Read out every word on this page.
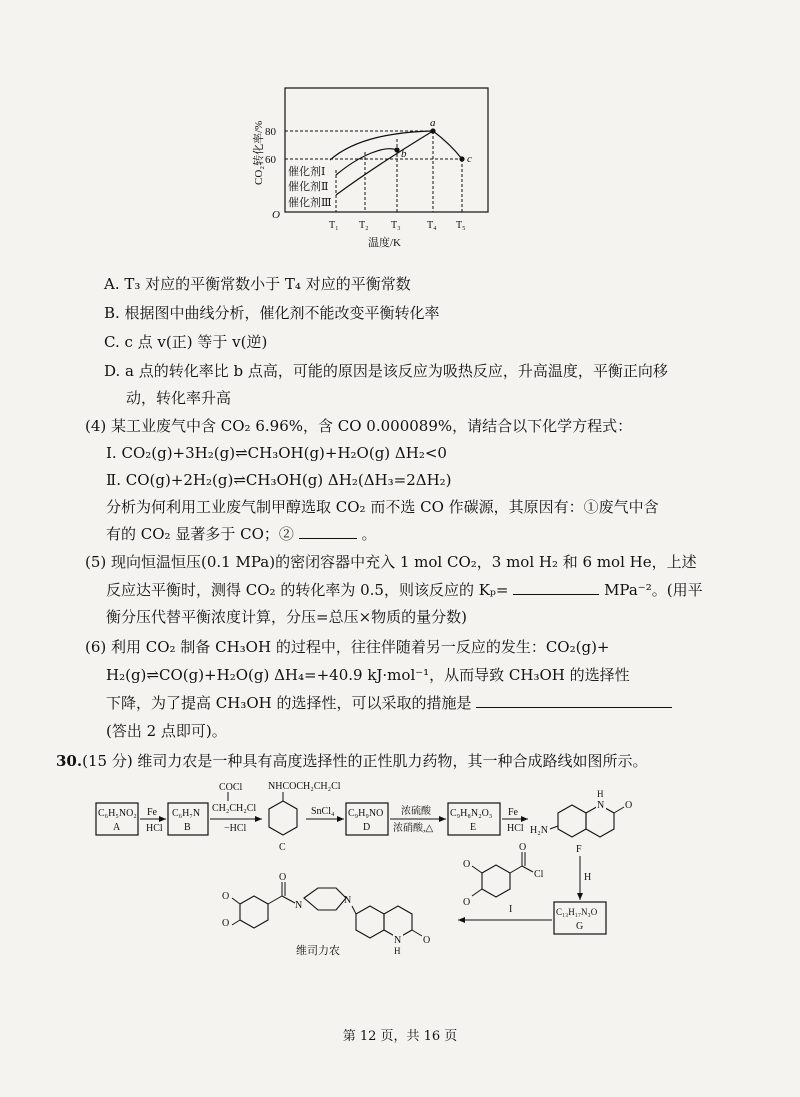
CO₂转化率/% 80
60
O
a
b	c
催化剂Ⅰ
催化剂Ⅱ
催化剂Ⅲ
T₁ T₂ T₃	T₄ T₅
温度/K
A. T₃ 对应的平衡常数小于 T₄ 对应的平衡常数
B. 根据图中曲线分析，催化剂不能改变平衡转化率
C. c 点 v(正) 等于 v(逆)
D. a 点的转化率比 b 点高，可能的原因是该反应为吸热反应，升高温度，平衡正向移
动，转化率升高
(4) 某工业废气中含 CO₂ 6.96%，含 CO 0.000089%，请结合以下化学方程式：
Ⅰ. CO₂(g)+3H₂(g)⇌CH₃OH(g)+H₂O(g) ΔH₂<0
Ⅱ. CO(g)+2H₂(g)⇌CH₃OH(g) ΔH₂(ΔH₃=2ΔH₂)
分析为何利用工业废气制甲醇选取 CO₂ 而不选 CO 作碳源，其原因有：①废气中含
有的 CO₂ 显著多于 CO；②	。
(5) 现向恒温恒压(0.1 MPa)的密闭容器中充入 1 mol CO₂，3 mol H₂ 和 6 mol He，上述
反应达平衡时，测得 CO₂ 的转化率为 0.5，则该反应的 Kₚ=	MPa⁻²。(用平
衡分压代替平衡浓度计算，分压=总压×物质的量分数)
(6) 利用 CO₂ 制备 CH₃OH 的过程中，往往伴随着另一反应的发生：CO₂(g)+
H₂(g)⇌CO(g)+H₂O(g) ΔH₄=+40.9 kJ·mol⁻¹，从而导致 CH₃OH 的选择性
下降，为了提高 CH₃OH 的选择性，可以采取的措施是
(答出 2 点即可)。
30.(15 分) 维司力农是一种具有高度选择性的正性肌力药物，其一种合成路线如图所示。
C₆H₅NO₂
A
Fe
HCl
C₆H₇N
B
COCl
CH₂CH₂Cl
−HCl
NHCOCH₂CH₂Cl
C
SnCl₄ C₉H₉NO
D
浓硫酸
浓硝酸,△
C₉H₈N₂O₃
E
Fe
HCl H₂N
N
H
O
F
H
C₁₃H₁₇N₃O
G
O
Cl
O
O
I
O
O
O
N	N
N
H
O
维司力农
第 12 页，共 16 页
